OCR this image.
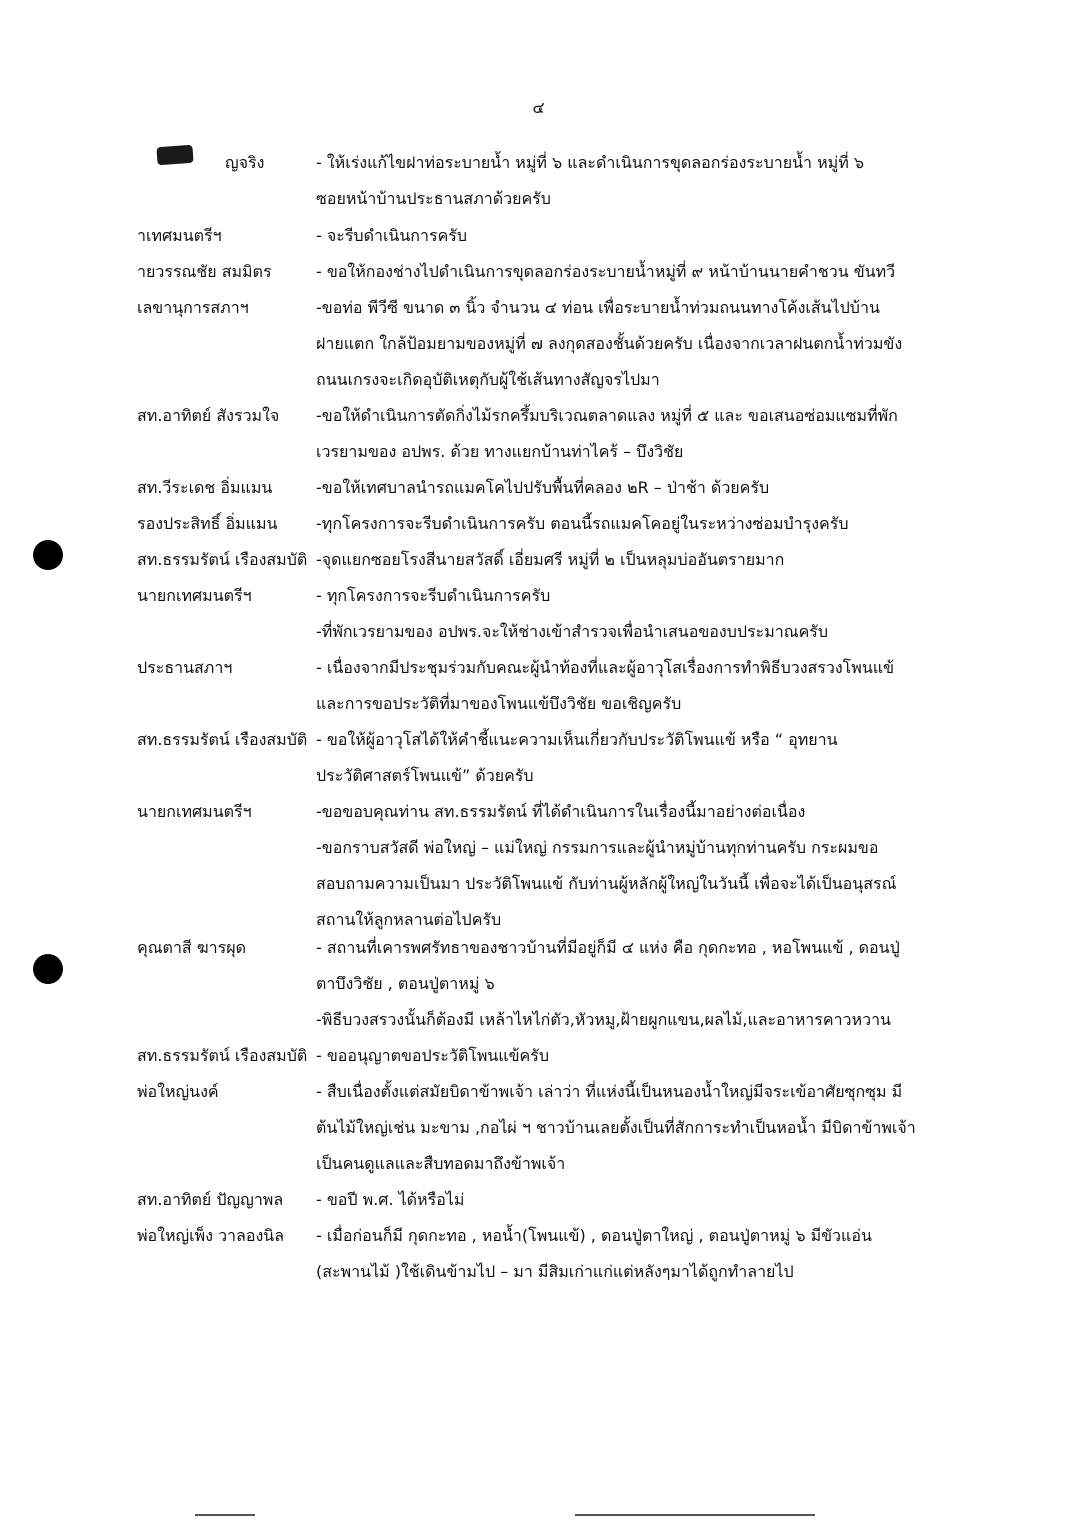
๔
ญจริง	- ให้เร่งแก้ไขฝาท่อระบายน้ำ หมู่ที่ ๖ และดำเนินการขุดลอกร่องระบายน้ำ หมู่ที่ ๖
ซอยหน้าบ้านประธานสภาด้วยครับ
าเทศมนตรีฯ	- จะรีบดำเนินการครับ
ายวรรณชัย สมมิตร	- ขอให้กองช่างไปดำเนินการขุดลอกร่องระบายน้ำหมู่ที่ ๙ หน้าบ้านนายคำชวน ขันทวี
เลขานุการสภาฯ	-ขอท่อ พีวีซี ขนาด ๓ นิ้ว จำนวน ๔ ท่อน เพื่อระบายน้ำท่วมถนนทางโค้งเส้นไปบ้าน
ฝายแตก ใกล้ป้อมยามของหมู่ที่ ๗ ลงกุดสองชั้นด้วยครับ เนื่องจากเวลาฝนตกน้ำท่วมขัง
ถนนเกรงจะเกิดอุบัติเหตุกับผู้ใช้เส้นทางสัญจรไปมา
สท.อาทิตย์ สังรวมใจ	-ขอให้ดำเนินการตัดกิ่งไม้รกครึ้มบริเวณตลาดแลง หมู่ที่ ๕ และ ขอเสนอซ่อมแซมที่พัก
เวรยามของ อปพร. ด้วย ทางแยกบ้านท่าไคร้ – บึงวิชัย
สท.วีระเดช อิ่มแมน	-ขอให้เทศบาลนำรถแมคโคไปปรับพื้นที่คลอง ๒R – ป่าช้า ด้วยครับ
รองประสิทธิ์ อิ่มแมน	-ทุกโครงการจะรีบดำเนินการครับ ตอนนี้รถแมคโคอยู่ในระหว่างซ่อมบำรุงครับ
สท.ธรรมรัตน์ เรืองสมบัติ -จุดแยกซอยโรงสีนายสวัสดิ์ เอี่ยมศรี หมู่ที่ ๒ เป็นหลุมบ่ออันตรายมาก
นายกเทศมนตรีฯ	- ทุกโครงการจะรีบดำเนินการครับ
-ที่พักเวรยามของ อปพร.จะให้ช่างเข้าสำรวจเพื่อนำเสนอของบประมาณครับ
ประธานสภาฯ	- เนื่องจากมีประชุมร่วมกับคณะผู้นำท้องที่และผู้อาวุโสเรื่องการทำพิธีบวงสรวงโพนแข้
และการขอประวัติที่มาของโพนแข้บึงวิชัย ขอเชิญครับ
สท.ธรรมรัตน์ เรืองสมบัติ - ขอให้ผู้อาวุโสได้ให้คำชี้แนะความเห็นเกี่ยวกับประวัติโพนแข้ หรือ “ อุทยาน
ประวัติศาสตร์โพนแข้” ด้วยครับ
นายกเทศมนตรีฯ	-ขอขอบคุณท่าน สท.ธรรมรัตน์ ที่ได้ดำเนินการในเรื่องนี้มาอย่างต่อเนื่อง
-ขอกราบสวัสดี พ่อใหญ่ – แม่ใหญ่ กรรมการและผู้นำหมู่บ้านทุกท่านครับ กระผมขอ
สอบถามความเป็นมา ประวัติโพนแข้ กับท่านผู้หลักผู้ใหญ่ในวันนี้ เพื่อจะได้เป็นอนุสรณ์
สถานให้ลูกหลานต่อไปครับ
คุณตาสี ฆารผุด	- สถานที่เคารพศรัทธาของชาวบ้านที่มีอยู่ก็มี ๔ แห่ง คือ กุดกะทอ , หอโพนแข้ , ดอนปู่
ตาบึงวิชัย , ตอนปู่ตาหมู่ ๖
-พิธีบวงสรวงนั้นก็ต้องมี เหล้าไหไก่ตัว,หัวหมู,ฝ้ายผูกแขน,ผลไม้,และอาหารคาวหวาน
สท.ธรรมรัตน์ เรืองสมบัติ - ขออนุญาตขอประวัติโพนแข้ครับ
พ่อใหญ่นงค์	- สืบเนื่องตั้งแต่สมัยบิดาข้าพเจ้า เล่าว่า ที่แห่งนี้เป็นหนองน้ำใหญ่มีจระเข้อาศัยซุกซุม มี
ต้นไม้ใหญ่เช่น มะขาม ,กอไผ่ ฯ ชาวบ้านเลยตั้งเป็นที่สักการะทำเป็นหอน้ำ มีบิดาข้าพเจ้า
เป็นคนดูแลและสืบทอดมาถึงข้าพเจ้า
สท.อาทิตย์ ปัญญาพล	- ขอปี พ.ศ. ได้หรือไม่
พ่อใหญ่เพ็ง วาลองนิล	- เมื่อก่อนก็มี กุดกะทอ , หอน้ำ(โพนแข้) , ดอนปู่ตาใหญ่ , ตอนปู่ตาหมู่ ๖ มีขัวแอ่น
(สะพานไม้ )ใช้เดินข้ามไป – มา มีสิมเก่าแก่แต่หลังๆมาได้ถูกทำลายไป
